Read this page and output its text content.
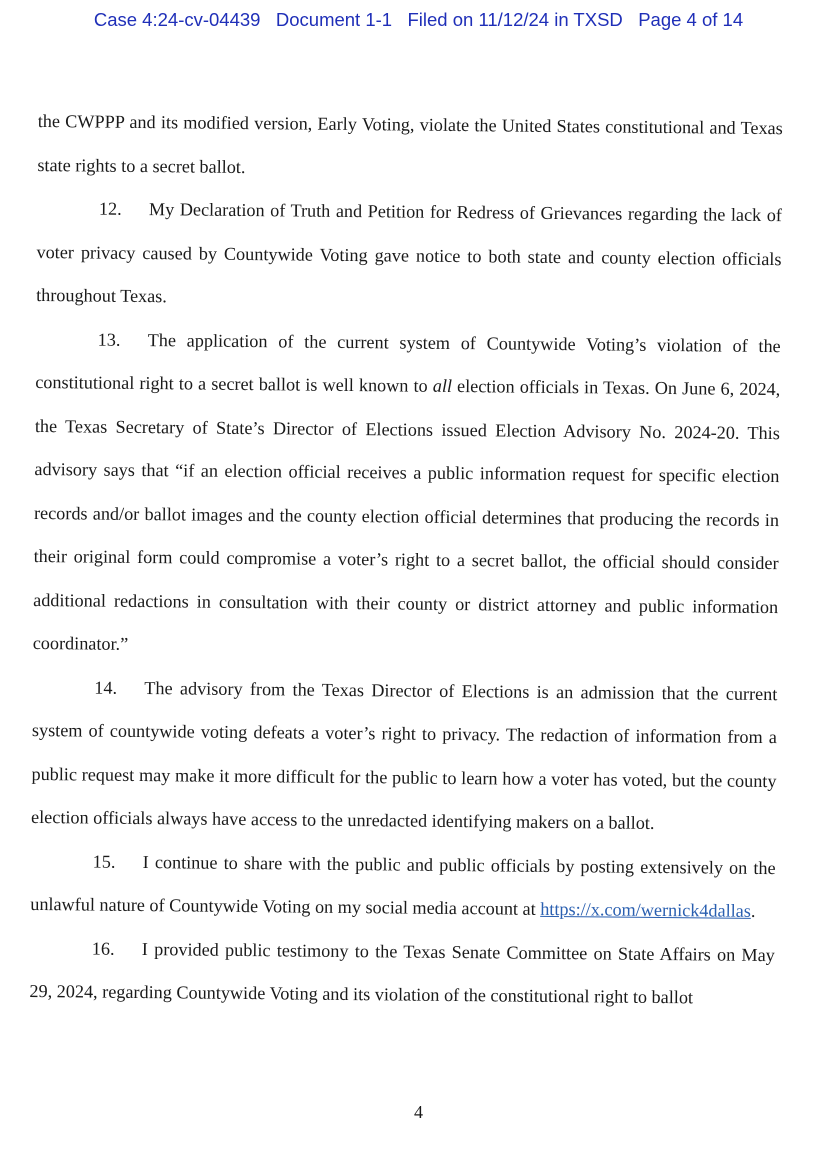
Case 4:24-cv-04439   Document 1-1   Filed on 11/12/24 in TXSD   Page 4 of 14

the CWPPP and its modified version, Early Voting, violate the United States constitutional and Texas state rights to a secret ballot.

12. My Declaration of Truth and Petition for Redress of Grievances regarding the lack of voter privacy caused by Countywide Voting gave notice to both state and county election officials throughout Texas.

13. The application of the current system of Countywide Voting’s violation of the constitutional right to a secret ballot is well known to all election officials in Texas. On June 6, 2024, the Texas Secretary of State’s Director of Elections issued Election Advisory No. 2024-20. This advisory says that “if an election official receives a public information request for specific election records and/or ballot images and the county election official determines that producing the records in their original form could compromise a voter’s right to a secret ballot, the official should consider additional redactions in consultation with their county or district attorney and public information coordinator.”

14. The advisory from the Texas Director of Elections is an admission that the current system of countywide voting defeats a voter’s right to privacy. The redaction of information from a public request may make it more difficult for the public to learn how a voter has voted, but the county election officials always have access to the unredacted identifying makers on a ballot.

15. I continue to share with the public and public officials by posting extensively on the unlawful nature of Countywide Voting on my social media account at https://x.com/wernick4dallas.

16. I provided public testimony to the Texas Senate Committee on State Affairs on May 29, 2024, regarding Countywide Voting and its violation of the constitutional right to ballot

4
